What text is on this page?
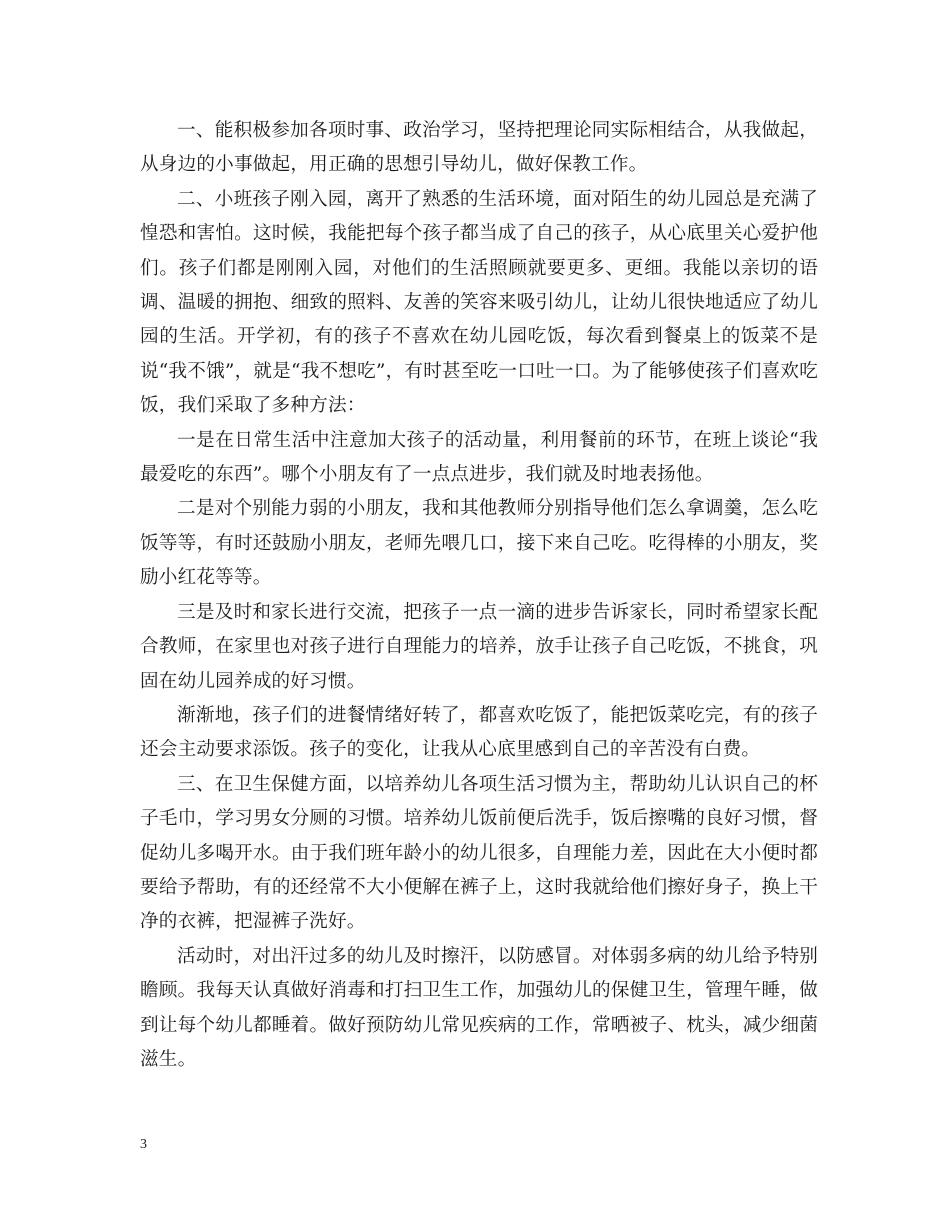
一、能积极参加各项时事、政治学习，坚持把理论同实际相结合，从我做起，从身边的小事做起，用正确的思想引导幼儿，做好保教工作。

二、小班孩子刚入园，离开了熟悉的生活环境，面对陌生的幼儿园总是充满了惶恐和害怕。这时候，我能把每个孩子都当成了自己的孩子，从心底里关心爱护他们。孩子们都是刚刚入园，对他们的生活照顾就要更多、更细。我能以亲切的语调、温暖的拥抱、细致的照料、友善的笑容来吸引幼儿，让幼儿很快地适应了幼儿园的生活。开学初，有的孩子不喜欢在幼儿园吃饭，每次看到餐桌上的饭菜不是说“我不饿”，就是“我不想吃”，有时甚至吃一口吐一口。为了能够使孩子们喜欢吃饭，我们采取了多种方法：

一是在日常生活中注意加大孩子的活动量，利用餐前的环节，在班上谈论“我最爱吃的东西”。哪个小朋友有了一点点进步，我们就及时地表扬他。

二是对个别能力弱的小朋友，我和其他教师分别指导他们怎么拿调羹，怎么吃饭等等，有时还鼓励小朋友，老师先喂几口，接下来自己吃。吃得棒的小朋友，奖励小红花等等。

三是及时和家长进行交流，把孩子一点一滴的进步告诉家长，同时希望家长配合教师，在家里也对孩子进行自理能力的培养，放手让孩子自己吃饭，不挑食，巩固在幼儿园养成的好习惯。

渐渐地，孩子们的进餐情绪好转了，都喜欢吃饭了，能把饭菜吃完，有的孩子还会主动要求添饭。孩子的变化，让我从心底里感到自己的辛苦没有白费。

三、在卫生保健方面，以培养幼儿各项生活习惯为主，帮助幼儿认识自己的杯子毛巾，学习男女分厕的习惯。培养幼儿饭前便后洗手，饭后擦嘴的良好习惯，督促幼儿多喝开水。由于我们班年龄小的幼儿很多，自理能力差，因此在大小便时都要给予帮助，有的还经常不大小便解在裤子上，这时我就给他们擦好身子，换上干净的衣裤，把湿裤子洗好。

活动时，对出汗过多的幼儿及时擦汗，以防感冒。对体弱多病的幼儿给予特别瞻顾。我每天认真做好消毒和打扫卫生工作，加强幼儿的保健卫生，管理午睡，做到让每个幼儿都睡着。做好预防幼儿常见疾病的工作，常晒被子、枕头，减少细菌滋生。

3
